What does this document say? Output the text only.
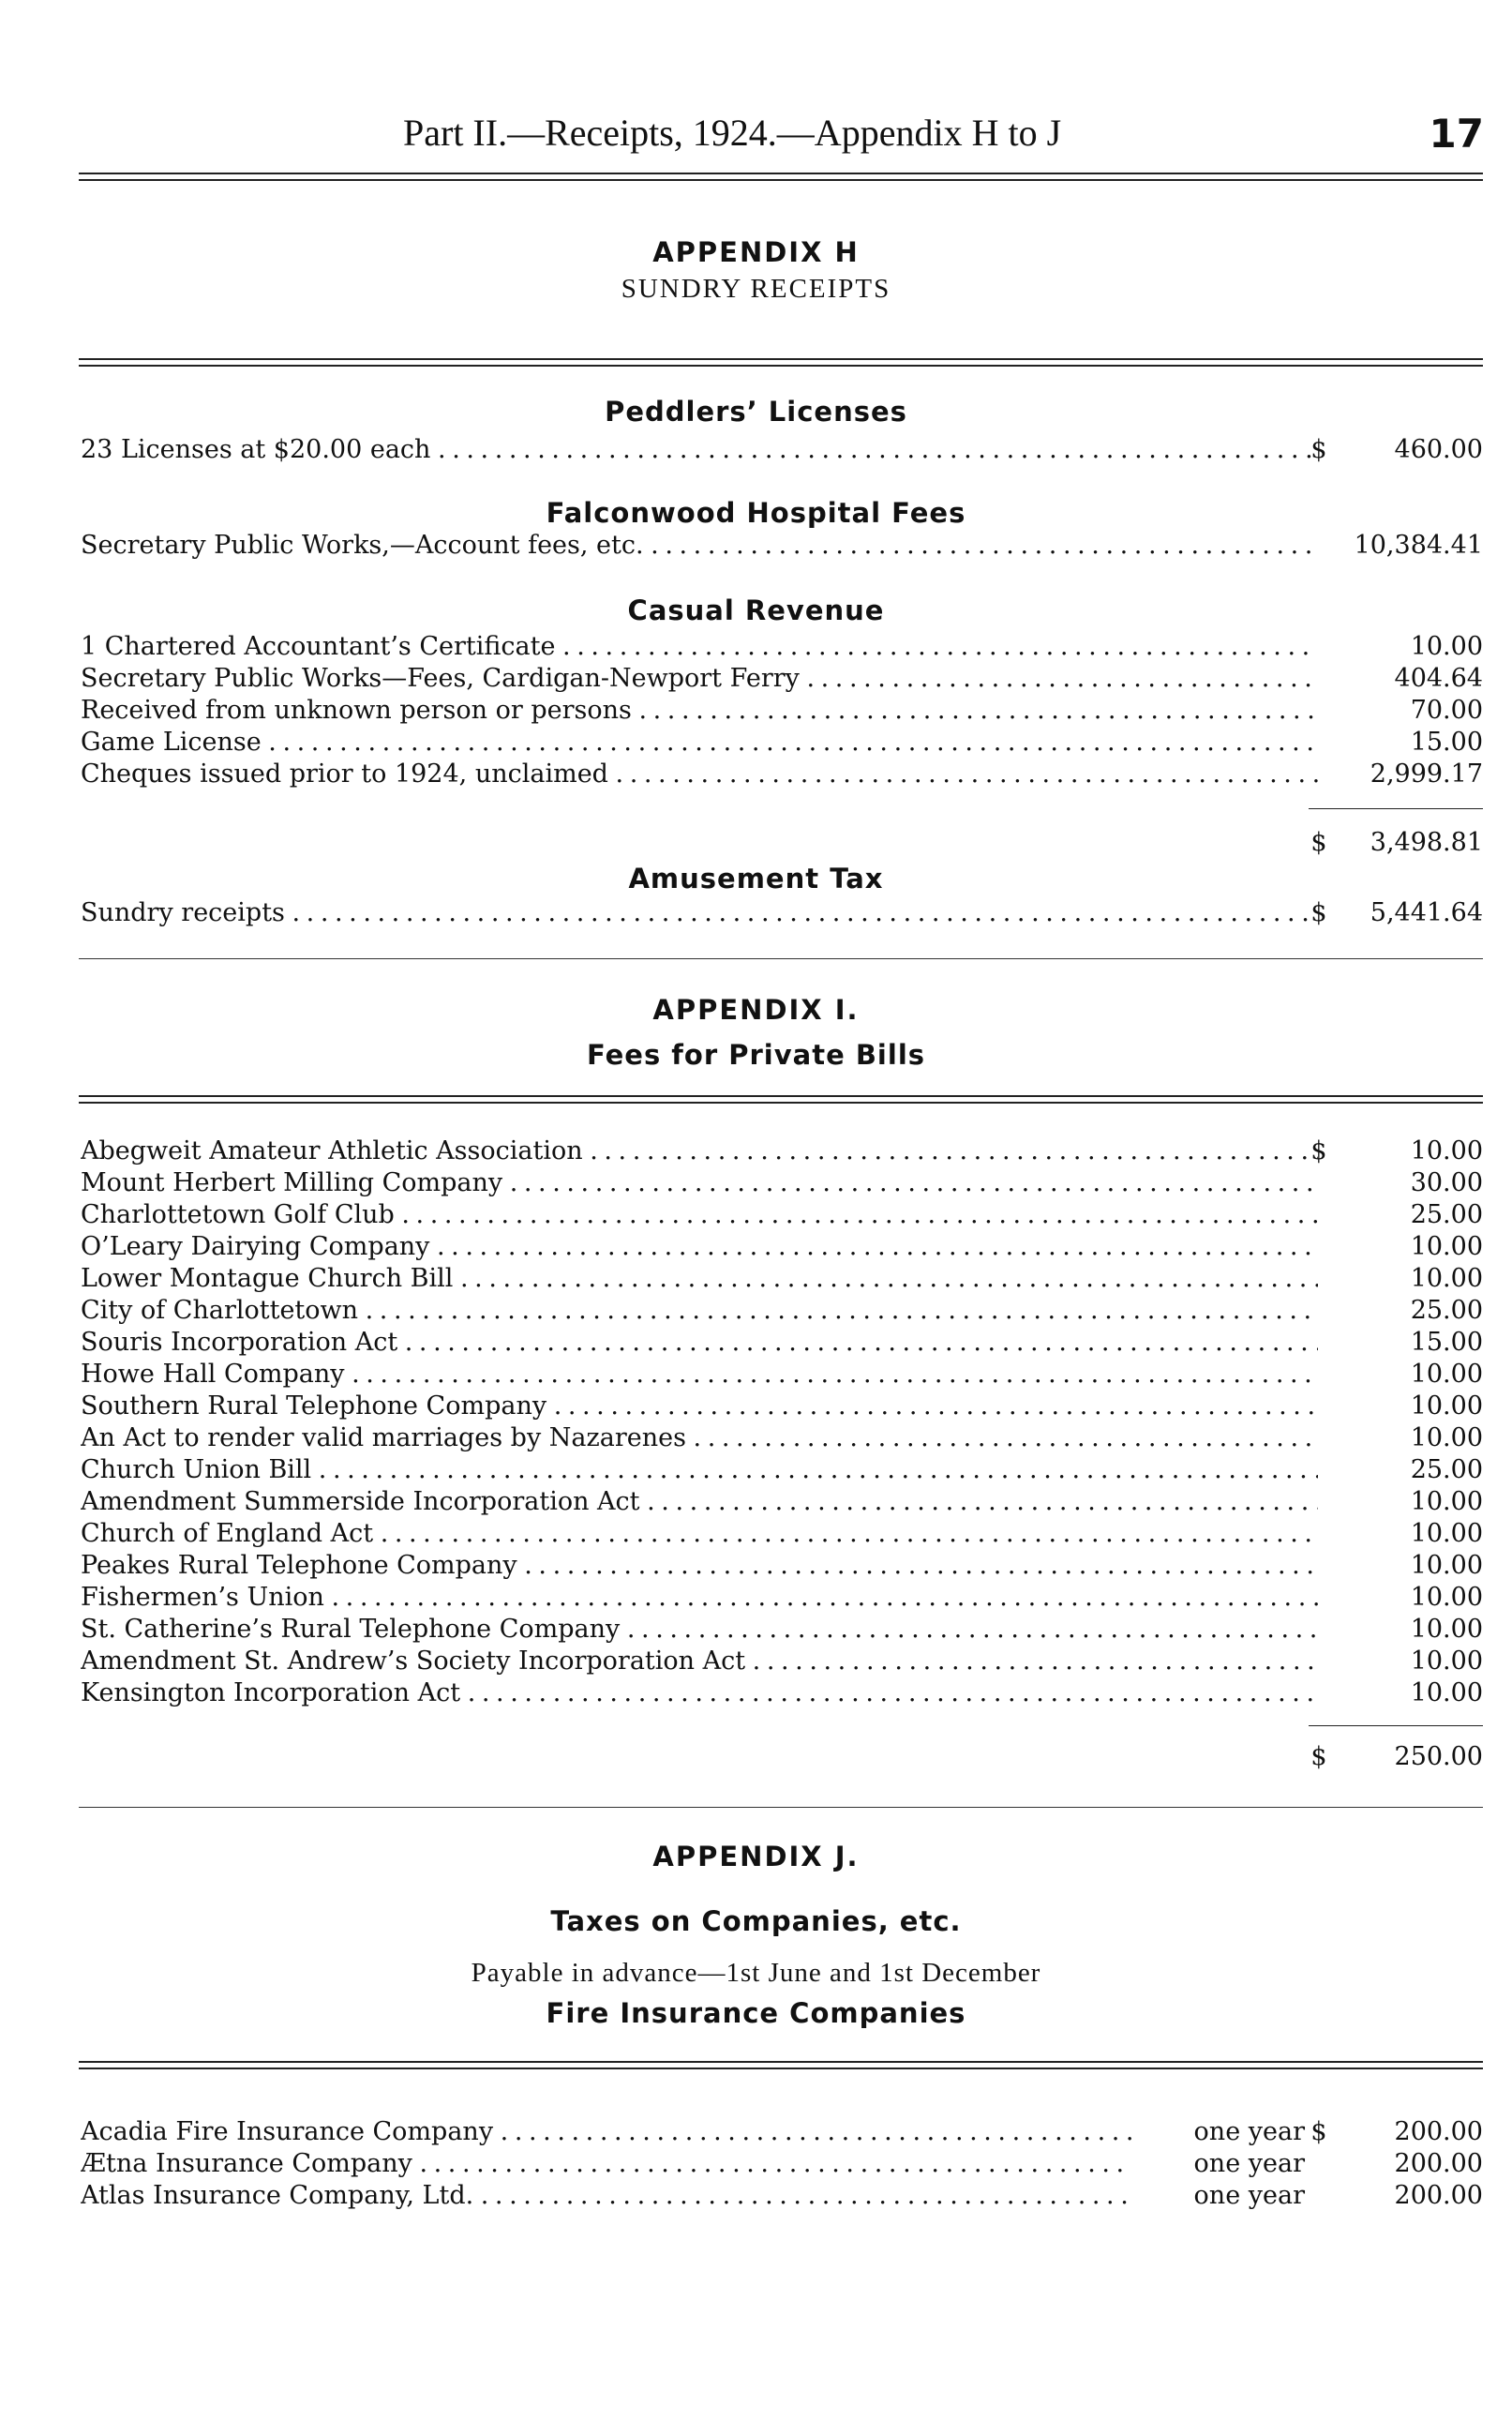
Part II.—Receipts, 1924.—Appendix H to J	17
APPENDIX H
SUNDRY RECEIPTS
Peddlers’ Licenses
23 Licenses at $20.00 each . . .	$	460.00
Falconwood Hospital Fees
Secretary Public Works,—Account fees, etc. . . .	10,384.41
Casual Revenue
1 Chartered Accountant’s Certificate . . .	10.00
Secretary Public Works—Fees, Cardigan-Newport Ferry . . .	404.64
Received from unknown person or persons . . .	70.00
Game License . . .	15.00
Cheques issued prior to 1924, unclaimed . . .	2,999.17
$	3,498.81
Amusement Tax
Sundry receipts . . .	$	5,441.64
APPENDIX I.
Fees for Private Bills
Abegweit Amateur Athletic Association . . .	$	10.00
Mount Herbert Milling Company . . .	30.00
Charlottetown Golf Club . . .	25.00
O’Leary Dairying Company . . .	10.00
Lower Montague Church Bill . . .	10.00
City of Charlottetown . . .	25.00
Souris Incorporation Act . . .	15.00
Howe Hall Company . . .	10.00
Southern Rural Telephone Company . . .	10.00
An Act to render valid marriages by Nazarenes . . .	10.00
Church Union Bill . . .	25.00
Amendment Summerside Incorporation Act . . .	10.00
Church of England Act . . .	10.00
Peakes Rural Telephone Company . . .	10.00
Fishermen’s Union . . .	10.00
St. Catherine’s Rural Telephone Company . . .	10.00
Amendment St. Andrew’s Society Incorporation Act . . .	10.00
Kensington Incorporation Act . . .	10.00
$	250.00
APPENDIX J.
Taxes on Companies, etc.
Payable in advance—1st June and 1st December
Fire Insurance Companies
Acadia Fire Insurance Company . . .	one year $	200.00
Ætna Insurance Company . . .	one year	200.00
Atlas Insurance Company, Ltd. . . .	one year	200.00
